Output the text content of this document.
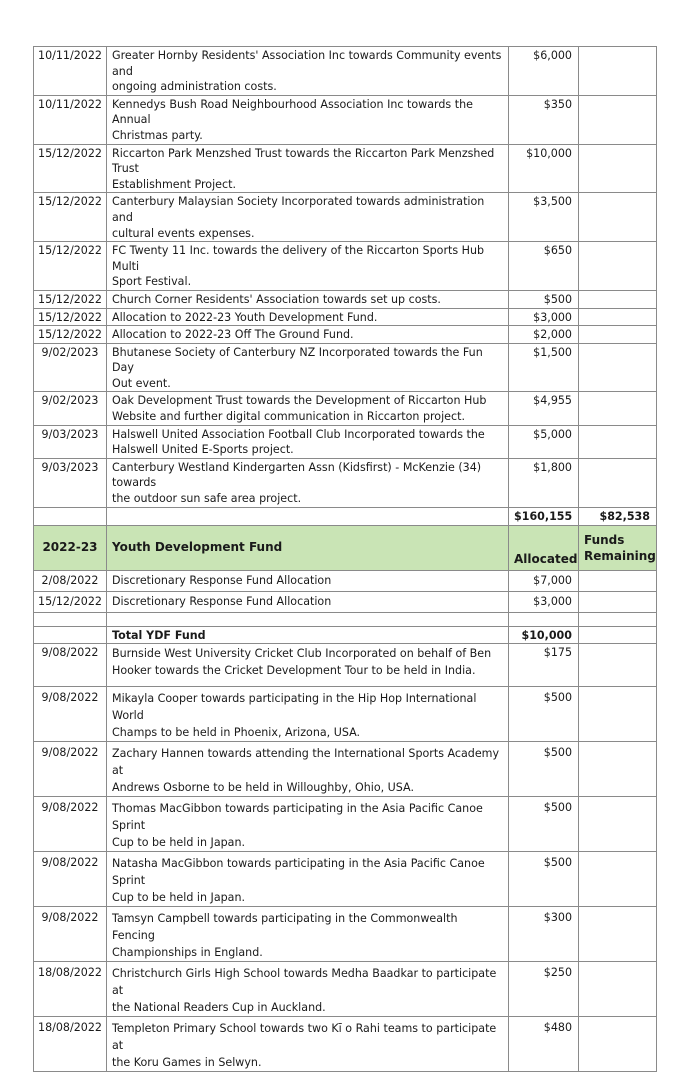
10/11/2022	Greater Hornby Residents' Association Inc towards Community events and
ongoing administration costs.	$6,000	
10/11/2022	Kennedys Bush Road Neighbourhood Association Inc towards the Annual
Christmas party.	$350	
15/12/2022	Riccarton Park Menzshed Trust towards the Riccarton Park Menzshed Trust
Establishment Project.	$10,000	
15/12/2022	Canterbury Malaysian Society Incorporated towards administration and
cultural events expenses.	$3,500	
15/12/2022	FC Twenty 11 Inc. towards the delivery of the Riccarton Sports Hub Multi
Sport Festival.	$650	
15/12/2022	Church Corner Residents' Association towards set up costs.	$500	
15/12/2022	Allocation to 2022-23 Youth Development Fund.	$3,000	
15/12/2022	Allocation to 2022-23 Off The Ground Fund.	$2,000	
9/02/2023	Bhutanese Society of Canterbury NZ Incorporated towards the Fun Day
Out event.	$1,500	
9/02/2023	Oak Development Trust towards the Development of Riccarton Hub
Website and further digital communication in Riccarton project.	$4,955	
9/03/2023	Halswell United Association Football Club Incorporated towards the
Halswell United E-Sports project.	$5,000	
9/03/2023	Canterbury Westland Kindergarten Assn (Kidsfirst) - McKenzie (34) towards
the outdoor sun safe area project.	$1,800	
		$160,155	$82,538
2022-23	Youth Development Fund	Allocated	Funds
Remaining
2/08/2022	Discretionary Response Fund Allocation	$7,000	
15/12/2022	Discretionary Response Fund Allocation	$3,000	

	Total YDF Fund	$10,000	
9/08/2022	Burnside West University Cricket Club Incorporated on behalf of Ben
Hooker towards the Cricket Development Tour to be held in India.	$175	
9/08/2022	Mikayla Cooper towards participating in the Hip Hop International World
Champs to be held in Phoenix, Arizona, USA.	$500	
9/08/2022	Zachary Hannen towards attending the International Sports Academy at
Andrews Osborne to be held in Willoughby, Ohio, USA.	$500	
9/08/2022	Thomas MacGibbon towards participating in the Asia Pacific Canoe Sprint
Cup to be held in Japan.	$500	
9/08/2022	Natasha MacGibbon towards participating in the Asia Pacific Canoe Sprint
Cup to be held in Japan.	$500	
9/08/2022	Tamsyn Campbell towards participating in the Commonwealth Fencing
Championships in England.	$300	
18/08/2022	Christchurch Girls High School towards Medha Baadkar to participate at
the National Readers Cup in Auckland.	$250	
18/08/2022	Templeton Primary School towards two Kī o Rahi teams to participate at
the Koru Games in Selwyn.	$480	
